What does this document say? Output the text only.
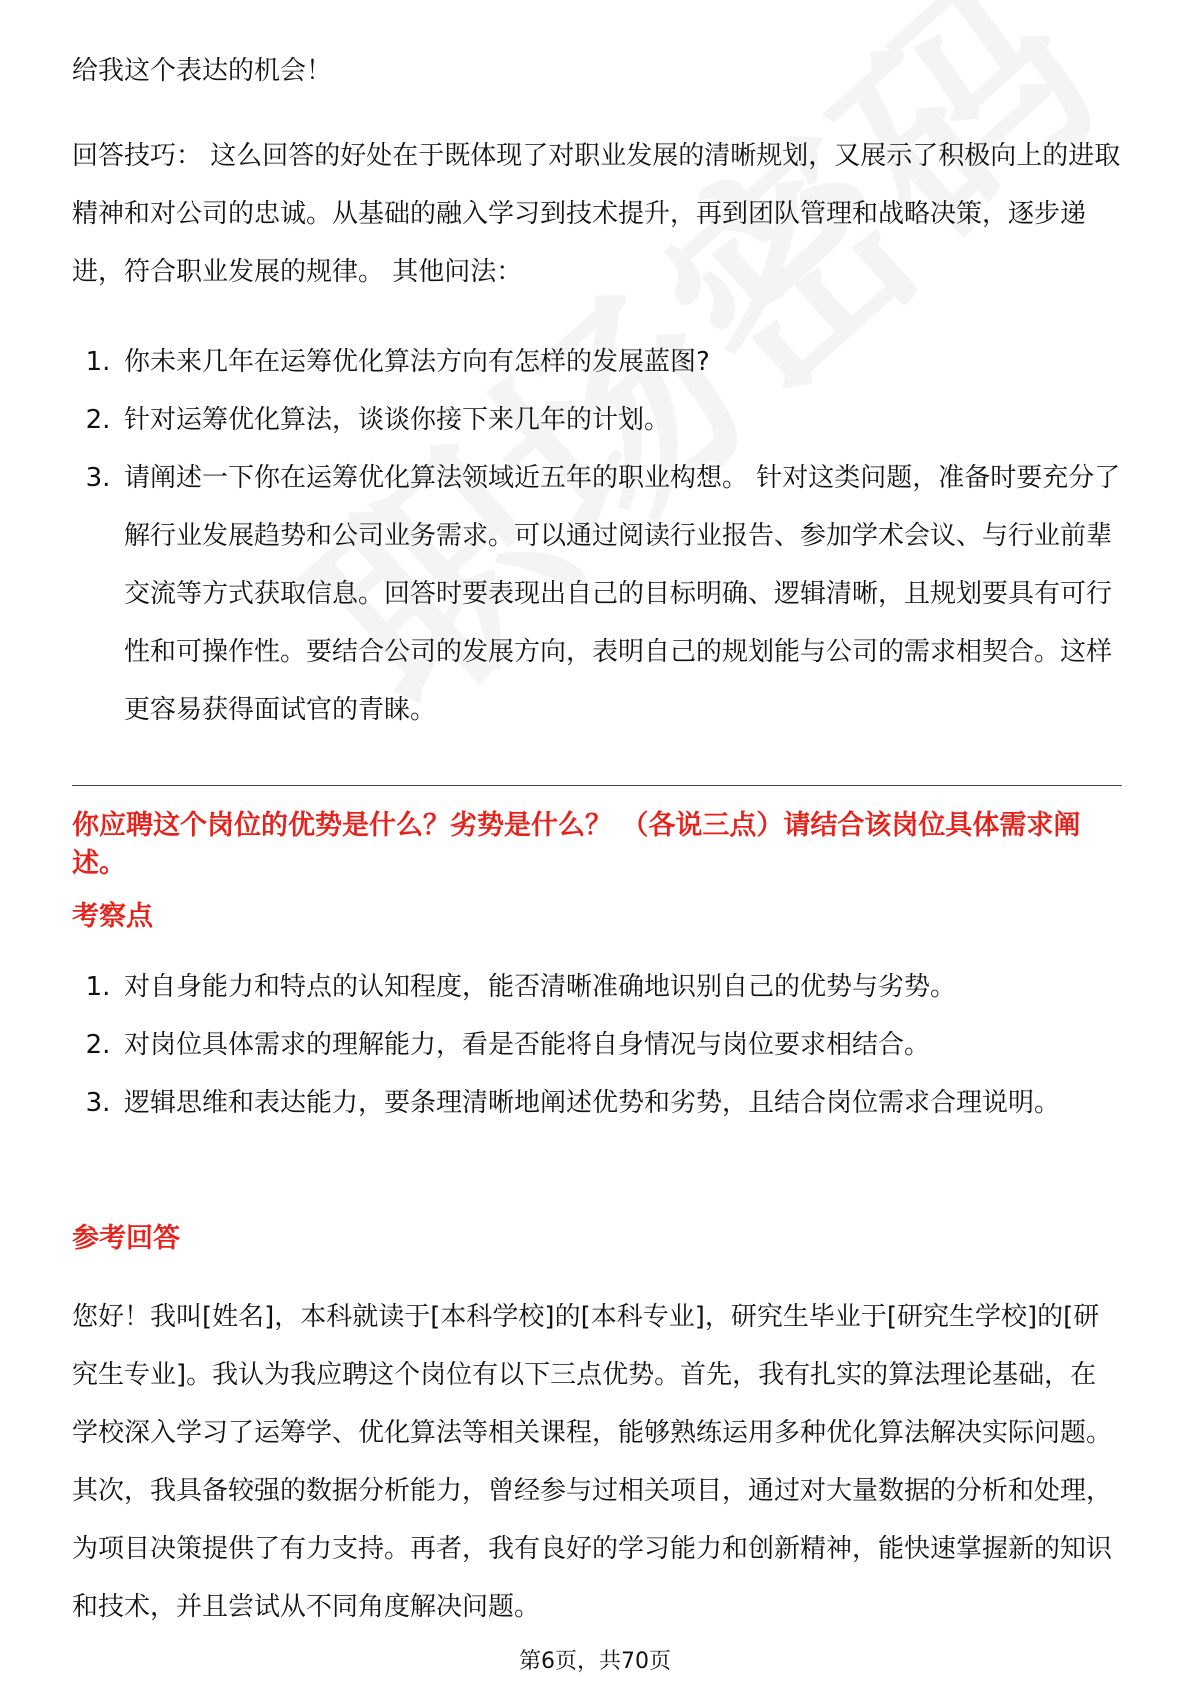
给我这个表达的机会！

回答技巧： 这么回答的好处在于既体现了对职业发展的清晰规划，又展示了积极向上的进取精神和对公司的忠诚。从基础的融入学习到技术提升，再到团队管理和战略决策，逐步递进，符合职业发展的规律。 其他问法：

1. 你未来几年在运筹优化算法方向有怎样的发展蓝图?
2. 针对运筹优化算法，谈谈你接下来几年的计划。
3. 请阐述一下你在运筹优化算法领域近五年的职业构想。 针对这类问题，准备时要充分了解行业发展趋势和公司业务需求。可以通过阅读行业报告、参加学术会议、与行业前辈交流等方式获取信息。回答时要表现出自己的目标明确、逻辑清晰，且规划要具有可行性和可操作性。要结合公司的发展方向，表明自己的规划能与公司的需求相契合。这样更容易获得面试官的青睐。
你应聘这个岗位的优势是什么？劣势是什么？ （各说三点）请结合该岗位具体需求阐述。
考察点
1. 对自身能力和特点的认知程度，能否清晰准确地识别自己的优势与劣势。
2. 对岗位具体需求的理解能力，看是否能将自身情况与岗位要求相结合。
3. 逻辑思维和表达能力，要条理清晰地阐述优势和劣势，且结合岗位需求合理说明。
参考回答

您好！我叫[姓名]，本科就读于[本科学校]的[本科专业]，研究生毕业于[研究生学校]的[研究生专业]。我认为我应聘这个岗位有以下三点优势。首先，我有扎实的算法理论基础，在学校深入学习了运筹学、优化算法等相关课程，能够熟练运用多种优化算法解决实际问题。其次，我具备较强的数据分析能力，曾经参与过相关项目，通过对大量数据的分析和处理，为项目决策提供了有力支持。再者，我有良好的学习能力和创新精神，能快速掌握新的知识和技术，并且尝试从不同角度解决问题。

第6页，共70页
